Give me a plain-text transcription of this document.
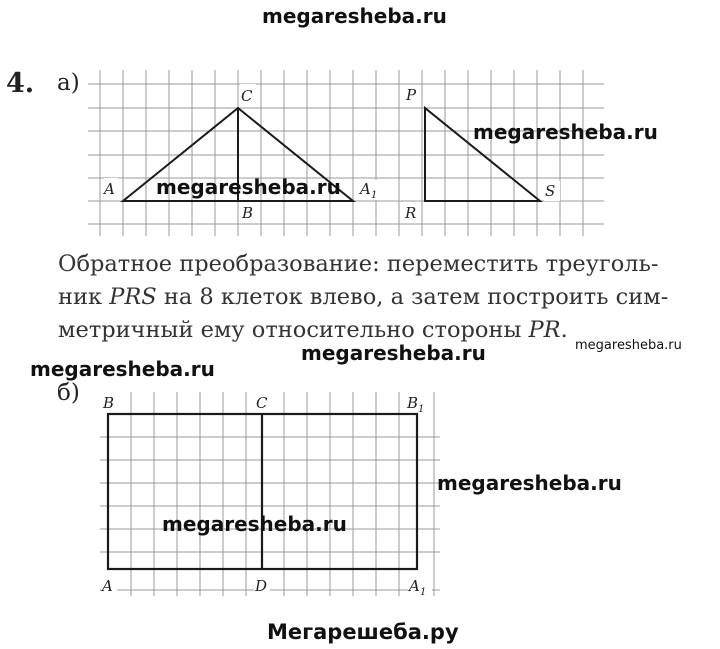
megaresheba.ru
4. а)
A
C
B
A 1
P
R
S
megaresheba.ru
megaresheba.ru
Обратное преобразование: переместить треуголь-
ник PRS на 8 клеток влево, а затем построить сим-
метричный ему относительно стороны PR.
megaresheba.ru
megaresheba.ru	megaresheba.ru
б) B	C	B 1
A	D	A 1
megaresheba.ru
megaresheba.ru
Мегарешеба.ру
